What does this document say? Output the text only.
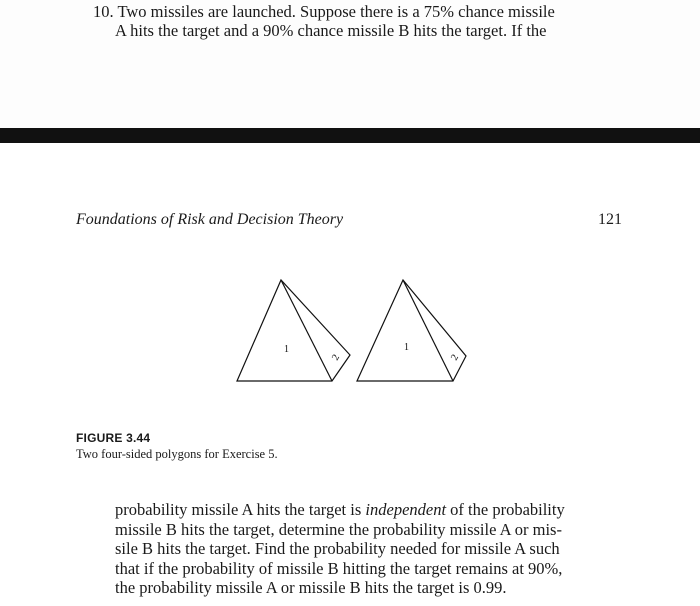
10. Two missiles are launched. Suppose there is a 75% chance missile
A hits the target and a 90% chance missile B hits the target. If the
Foundations of Risk and Decision Theory	121
1
2
1
2
FIGURE 3.44
Two four-sided polygons for Exercise 5.
probability missile A hits the target is independent of the probability
missile B hits the target, determine the probability missile A or mis-
sile B hits the target. Find the probability needed for missile A such
that if the probability of missile B hitting the target remains at 90%,
the probability missile A or missile B hits the target is 0.99.
